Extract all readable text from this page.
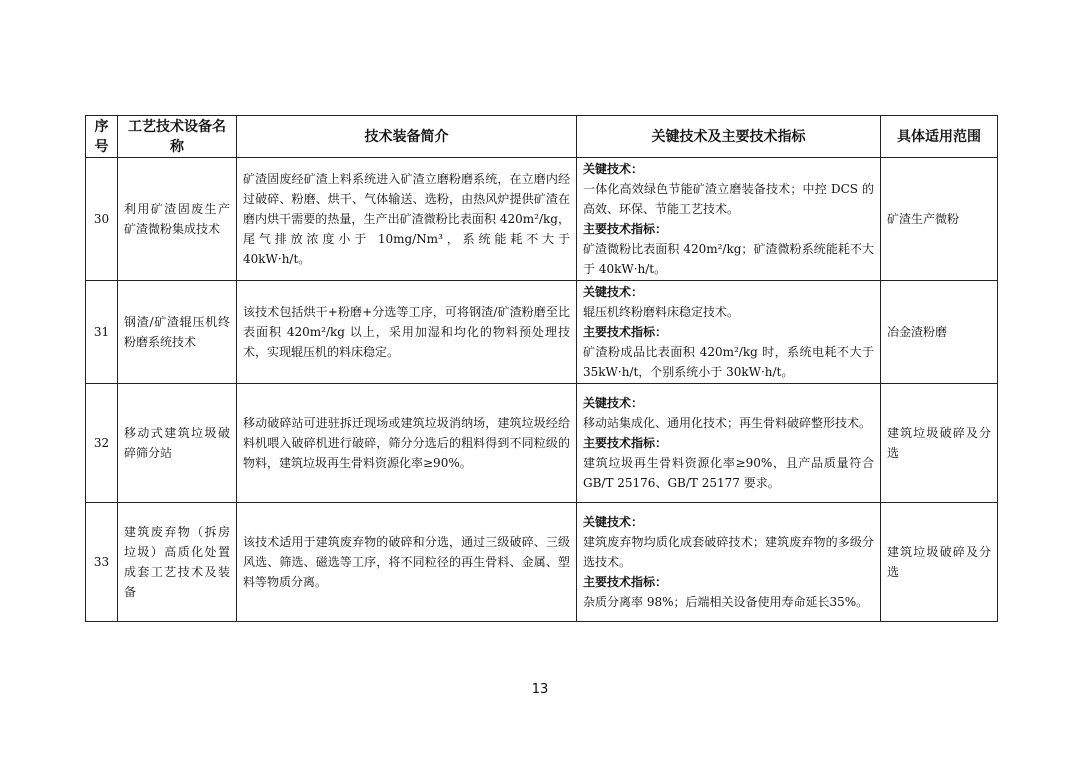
序号	工艺技术设备名称	技术装备简介	关键技术及主要技术指标	具体适用范围
30	利用矿渣固废生产矿渣微粉集成技术	矿渣固废经矿渣上料系统进入矿渣立磨粉磨系统，在立磨内经过破碎、粉磨、烘干、气体输送、选粉，由热风炉提供矿渣在磨内烘干需要的热量，生产出矿渣微粉比表面积 420m²/kg，尾气排放浓度小于 10mg/Nm³，系统能耗不大于 40kW·h/t。	关键技术：
一体化高效绿色节能矿渣立磨装备技术；中控 DCS 的高效、环保、节能工艺技术。
主要技术指标：
矿渣微粉比表面积 420m²/kg；矿渣微粉系统能耗不大于 40kW·h/t。	矿渣生产微粉
31	钢渣/矿渣辊压机终粉磨系统技术	该技术包括烘干+粉磨+分选等工序，可将钢渣/矿渣粉磨至比表面积 420m²/kg 以上，采用加湿和均化的物料预处理技术，实现辊压机的料床稳定。	关键技术：
辊压机终粉磨料床稳定技术。
主要技术指标：
矿渣粉成品比表面积 420m²/kg 时，系统电耗不大于 35kW·h/t，个别系统小于 30kW·h/t。	冶金渣粉磨
32	移动式建筑垃圾破碎筛分站	移动破碎站可进驻拆迁现场或建筑垃圾消纳场，建筑垃圾经给料机喂入破碎机进行破碎，筛分分选后的粗料得到不同粒级的物料，建筑垃圾再生骨料资源化率≥90%。	关键技术：
移动站集成化、通用化技术；再生骨料破碎整形技术。
主要技术指标：
建筑垃圾再生骨料资源化率≥90%，且产品质量符合 GB/T 25176、GB/T 25177 要求。	建筑垃圾破碎及分选
33	建筑废弃物（拆房垃圾）高质化处置成套工艺技术及装备	该技术适用于建筑废弃物的破碎和分选，通过三级破碎、三级风选、筛选、磁选等工序，将不同粒径的再生骨料、金属、塑料等物质分离。	关键技术：
建筑废弃物均质化成套破碎技术；建筑废弃物的多级分选技术。
主要技术指标：
杂质分离率 98%；后端相关设备使用寿命延长35%。	建筑垃圾破碎及分选
13
